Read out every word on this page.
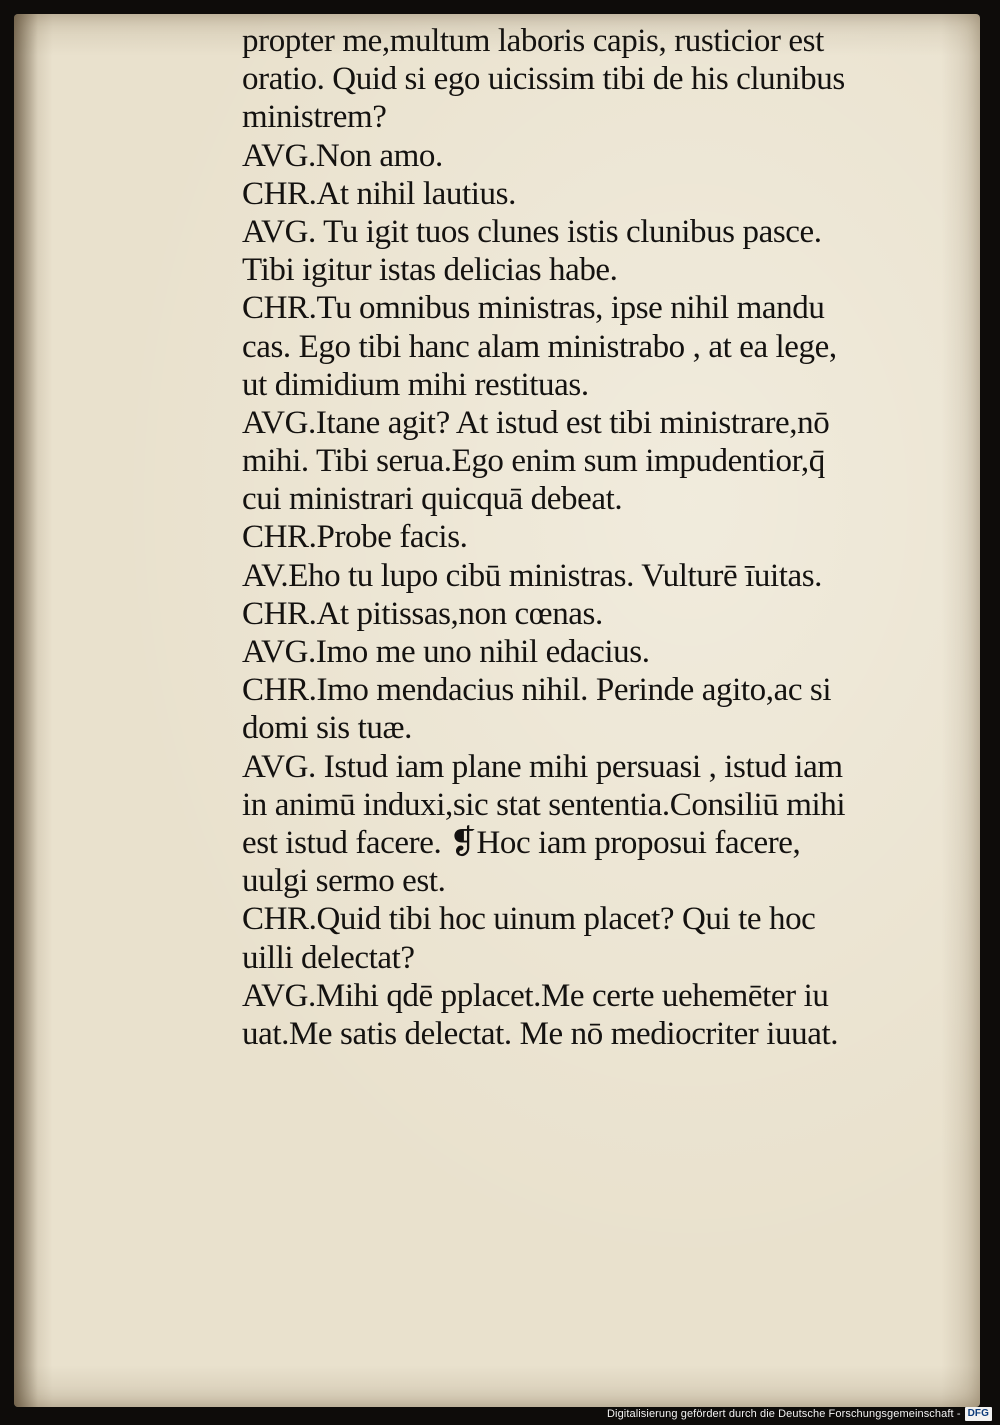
propter me,multum laboris capis, rusticior est
oratio. Quid si ego uicissim tibi de his clunibus
ministrem?
AVG.Non amo.
CHR.At nihil lautius.
AVG. Tu igit tuos clunes istis clunibus pasce.
Tibi igitur istas delicias habe.
CHR.Tu omnibus ministras, ipse nihil mandu
cas. Ego tibi hanc alam ministrabo , at ea lege,
ut dimidium mihi restituas.
AVG.Itane agit? At istud est tibi ministrare,nō
mihi. Tibi serua.Ego enim sum impudentior,q̄
cui ministrari quicquā debeat.
CHR.Probe facis.
AV.Eho tu lupo cibū ministras. Vulturē īuitas.
CHR.At pitissas,non cœnas.
AVG.Imo me uno nihil edacius.
CHR.Imo mendacius nihil. Perinde agito,ac si
domi sis tuæ.
AVG. Istud iam plane mihi persuasi , istud iam
in animū induxi,sic stat sententia.Consiliū mihi
est istud facere. ❡Hoc iam proposui facere,
uulgi sermo est.
CHR.Quid tibi hoc uinum placet? Qui te hoc
uilli delectat?
AVG.Mihi qdē pplacet.Me certe uehemēter iu
uat.Me satis delectat. Me nō mediocriter iuuat.
Digitalisierung gefördert durch die Deutsche Forschungsgemeinschaft - DFG
